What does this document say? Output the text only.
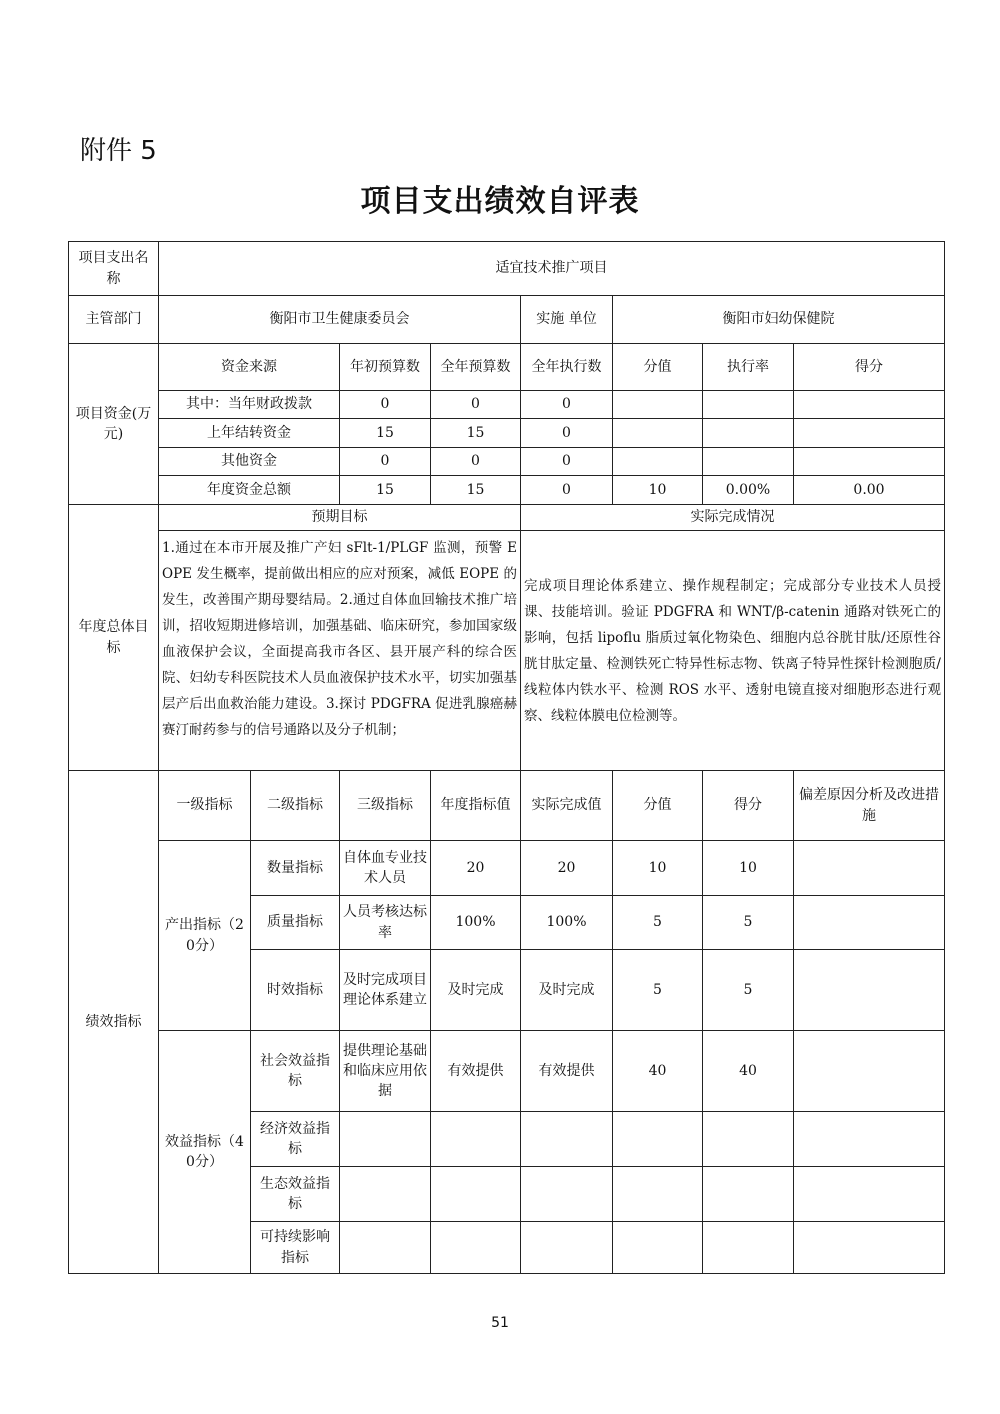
附件 5
项目支出绩效自评表
项目支出名称	适宜技术推广项目							
主管部门	衡阳市卫生健康委员会				实施 单位	衡阳市妇幼保健院		
项目资金(万元)	资金来源		年初预算数	全年预算数	全年执行数	分值	执行率	得分
	其中：当年财政拨款		0	0	0			
	上年结转资金		15	15	0			
	其他资金		0	0	0			
	年度资金总额		15	15	0	10	0.00%	0.00
年度总体目标	预期目标				实际完成情况			
	1.通过在本市开展及推广产妇 sFlt-1/PLGF 监测，预警 EOPE 发生概率，提前做出相应的应对预案，减低 EOPE 的发生，改善围产期母婴结局。2.通过自体血回输技术推广培训，招收短期进修培训，加强基础、临床研究，参加国家级血液保护会议，全面提高我市各区、县开展产科的综合医院、妇幼专科医院技术人员血液保护技术水平，切实加强基层产后出血救治能力建设。3.探讨 PDGFRA 促进乳腺癌赫赛汀耐药参与的信号通路以及分子机制；				完成项目理论体系建立、操作规程制定；完成部分专业技术人员授课、技能培训。验证 PDGFRA 和 WNT/β-catenin 通路对铁死亡的影响，包括 lipoflu 脂质过氧化物染色、细胞内总谷胱甘肽/还原性谷胱甘肽定量、检测铁死亡特异性标志物、铁离子特异性探针检测胞质/线粒体内铁水平、检测 ROS 水平、透射电镜直接对细胞形态进行观察、线粒体膜电位检测等。			
绩效指标	一级指标	二级指标	三级指标	年度指标值	实际完成值	分值	得分	偏差原因分析及改进措施
	产出指标（20分）	数量指标	自体血专业技术人员	20	20	10	10	
		质量指标	人员考核达标率	100%	100%	5	5	
		时效指标	及时完成项目理论体系建立	及时完成	及时完成	5	5	
	效益指标（40分）	社会效益指标	提供理论基础和临床应用依据	有效提供	有效提供	40	40	
		经济效益指标						
		生态效益指标						
		可持续影响指标						
51
